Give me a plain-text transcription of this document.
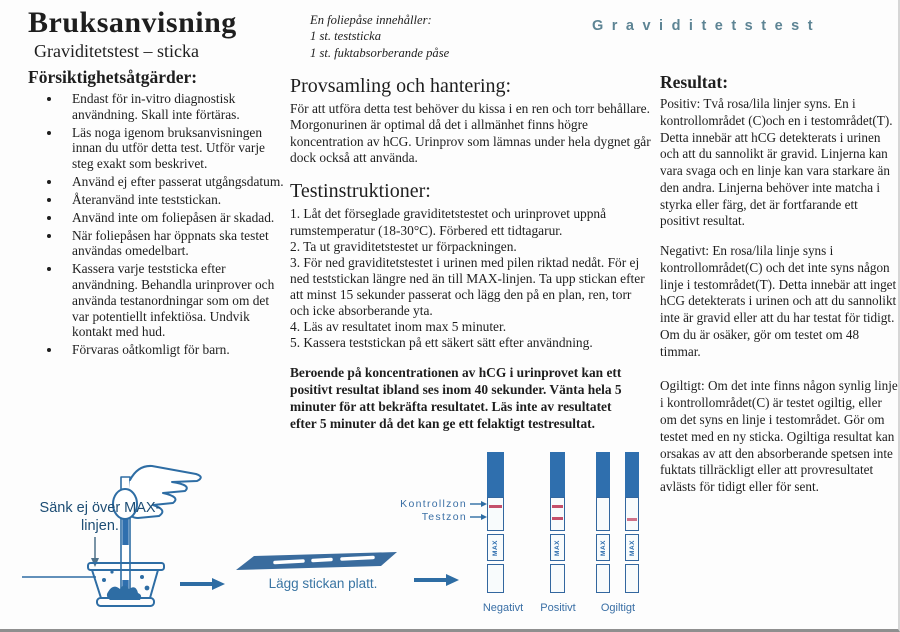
Bruksanvisning
Graviditetstest – sticka
Försiktighetsåtgärder:
• Endast för in-vitro diagnostisk användning. Skall inte förtäras.
• Läs noga igenom bruksanvisningen innan du utför detta test. Utför varje steg exakt som beskrivet.
• Använd ej efter passerat utgångsdatum.
• Återanvänd inte teststickan.
• Använd inte om foliepåsen är skadad.
• När foliepåsen har öppnats ska testet användas omedelbart.
• Kassera varje teststicka efter användning. Behandla urinprover och använda testanordningar som om det var potentiellt infektiösa. Undvik kontakt med hud.
• Förvaras oåtkomligt för barn.
En foliepåse innehåller:
1 st. teststicka
1 st. fuktabsorberande påse
Provsamling och hantering:

För att utföra detta test behöver du kissa i en ren och torr behållare. Morgonurinen är optimal då det i allmänhet finns högre koncentration av hCG. Urinprov som lämnas under hela dygnet går dock också att använda.

Testinstruktioner:

1. Låt det förseglade graviditetstestet och urinprovet uppnå rumstemperatur (18-30°C). Förbered ett tidtagarur.

2. Ta ut graviditetstestet ur förpackningen.

3. För ned graviditetstestet i urinen med pilen riktad nedåt. För ej ned teststickan längre ned än till MAX-linjen. Ta upp stickan efter att minst 15 sekunder passerat och lägg den på en plan, ren, torr och icke absorberande yta.

4. Läs av resultatet inom max 5 minuter.

5. Kassera teststickan på ett säkert sätt efter användning.

Beroende på koncentrationen av hCG i urinprovet kan ett positivt resultat ibland ses inom 40 sekunder. Vänta hela 5 minuter för att bekräfta resultatet. Läs inte av resultatet efter 5 minuter då det kan ge ett felaktigt testresultat.

Graviditetstest
Resultat:

Positiv: Två rosa/lila linjer syns. En i kontrollområdet (C)och en i testområdet(T). Detta innebär att hCG detekterats i urinen och att du sannolikt är gravid. Linjerna kan vara svaga och en linje kan vara starkare än den andra. Linjerna behöver inte matcha i styrka eller färg, det är fortfarande ett positivt resultat.

Negativt: En rosa/lila linje syns i kontrollområdet(C) och det inte syns någon linje i testområdet(T). Detta innebär att inget hCG detekterats i urinen och att du sannolikt inte är gravid eller att du har testat för tidigt. Om du är osäker, gör om testet om 48 timmar.

Ogiltigt: Om det inte finns någon synlig linje i kontrollområdet(C) är testet ogiltig, eller om det syns en linje i testområdet. Gör om testet med en ny sticka. Ogiltiga resultat kan orsakas av att den absorberande spetsen inte fuktats tillräckligt eller att provresultatet avlästs för tidigt eller för sent.

Sänk ej över MAX-linjen.
Lägg stickan platt.
Kontrollzon
Testzon
MAX	MAX	MAX	MAX
Negativt	Positivt	Ogiltigt
